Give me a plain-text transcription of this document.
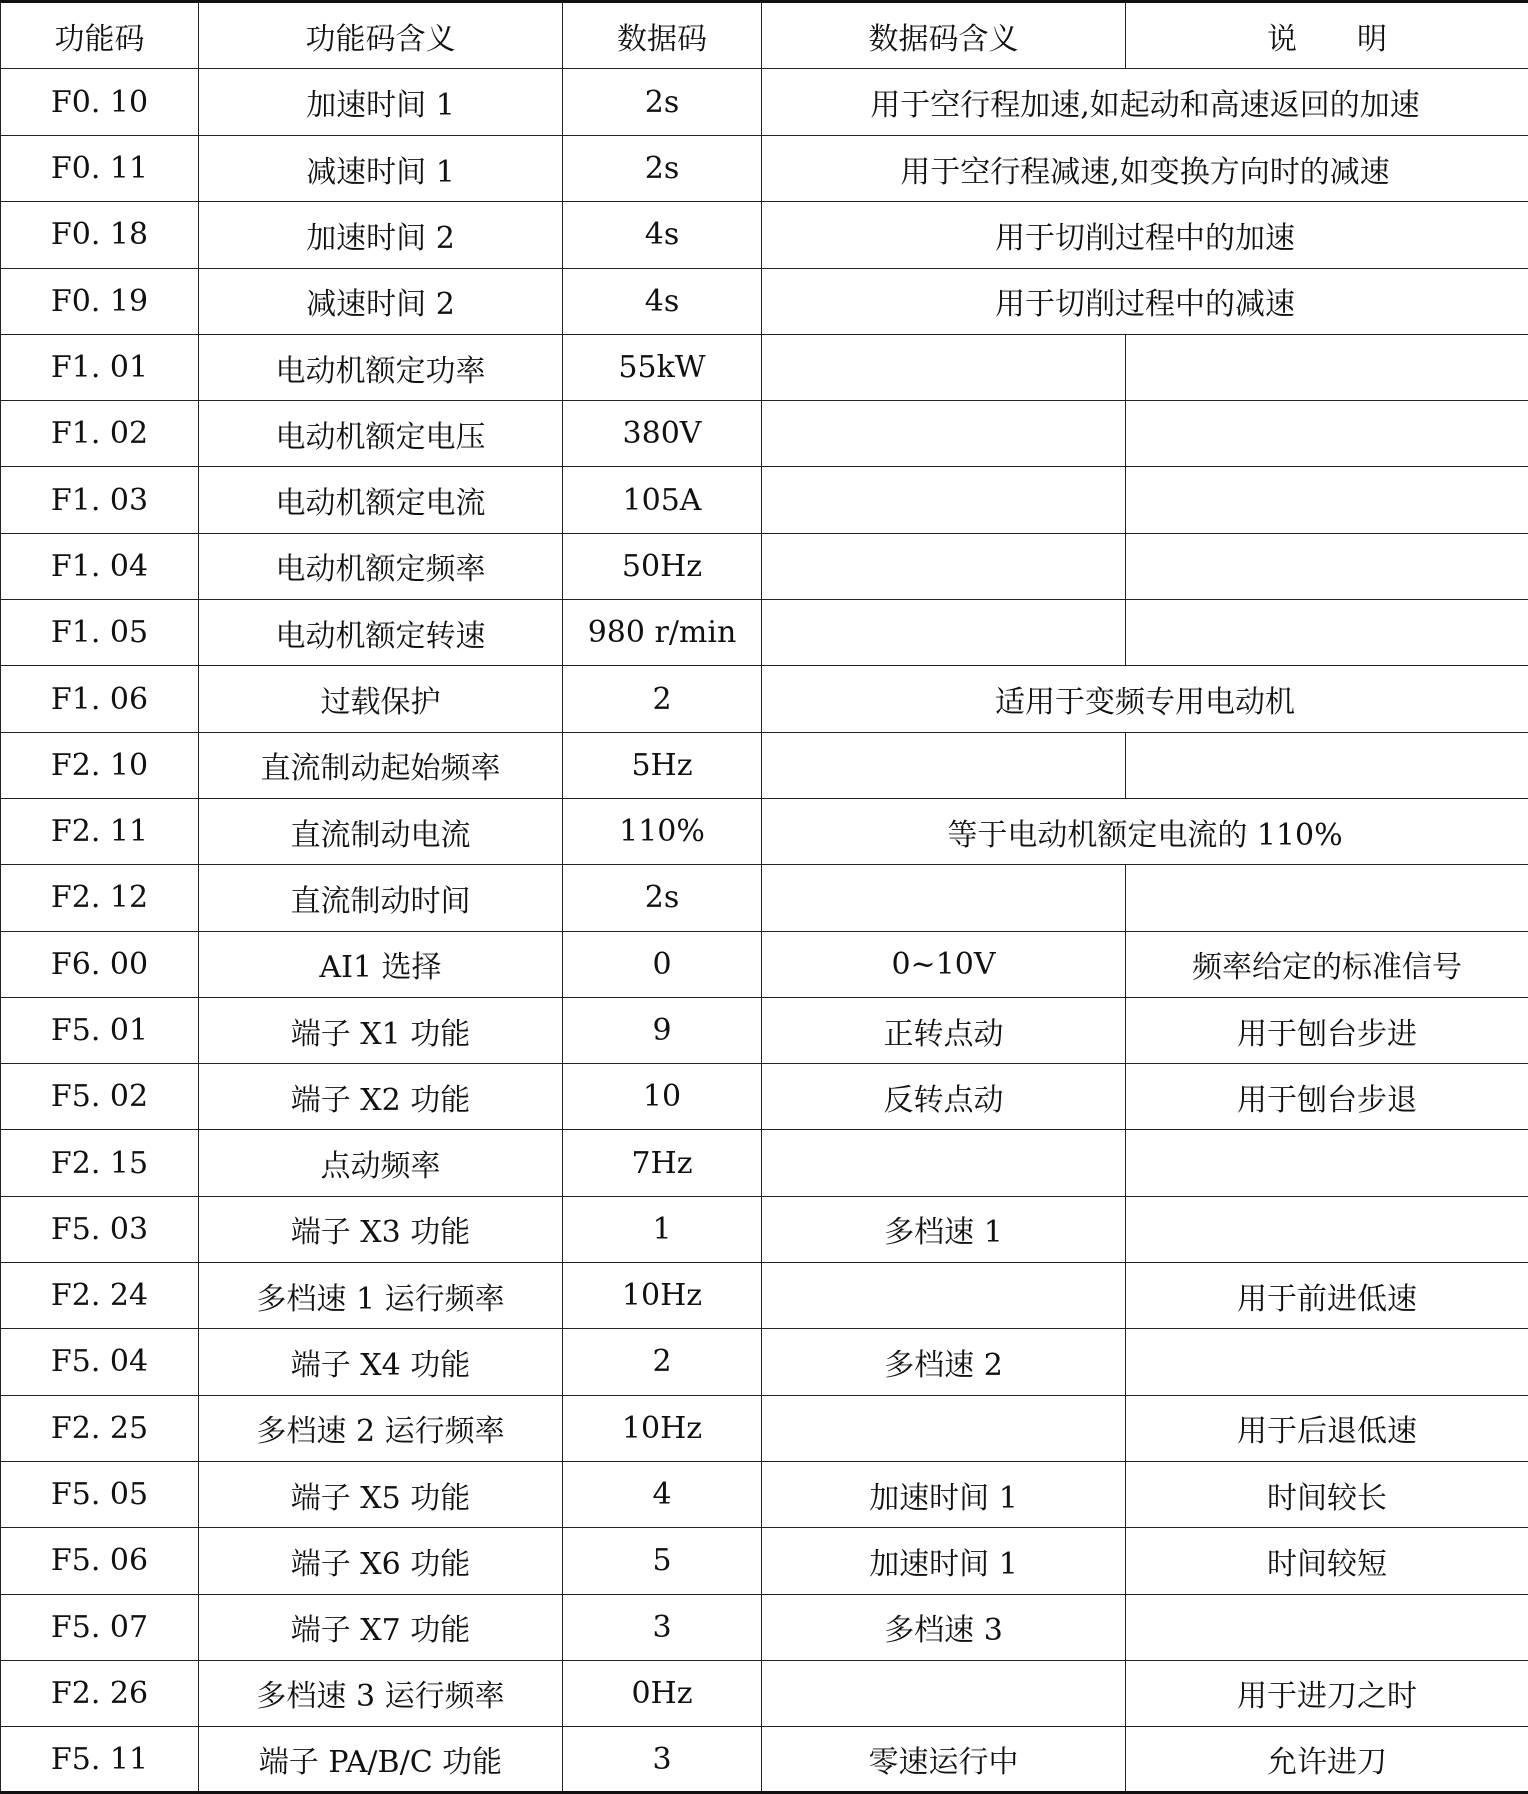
功能码	功能码含义	数据码	数据码含义	说　　明
F0. 10	加速时间 1	2s	用于空行程加速,如起动和高速返回的加速	
F0. 11	减速时间 1	2s	用于空行程减速,如变换方向时的减速	
F0. 18	加速时间 2	4s	用于切削过程中的加速	
F0. 19	减速时间 2	4s	用于切削过程中的减速	
F1. 01	电动机额定功率	55kW		
F1. 02	电动机额定电压	380V		
F1. 03	电动机额定电流	105A		
F1. 04	电动机额定频率	50Hz		
F1. 05	电动机额定转速	980 r/min		
F1. 06	过载保护	2	适用于变频专用电动机	
F2. 10	直流制动起始频率	5Hz		
F2. 11	直流制动电流	110%	等于电动机额定电流的 110%	
F2. 12	直流制动时间	2s		
F6. 00	AI1 选择	0	0~10V	频率给定的标准信号
F5. 01	端子 X1 功能	9	正转点动	用于刨台步进
F5. 02	端子 X2 功能	10	反转点动	用于刨台步退
F2. 15	点动频率	7Hz		
F5. 03	端子 X3 功能	1	多档速 1	
F2. 24	多档速 1 运行频率	10Hz		用于前进低速
F5. 04	端子 X4 功能	2	多档速 2	
F2. 25	多档速 2 运行频率	10Hz		用于后退低速
F5. 05	端子 X5 功能	4	加速时间 1	时间较长
F5. 06	端子 X6 功能	5	加速时间 1	时间较短
F5. 07	端子 X7 功能	3	多档速 3	
F2. 26	多档速 3 运行频率	0Hz		用于进刀之时
F5. 11	端子 PA/B/C 功能	3	零速运行中	允许进刀
